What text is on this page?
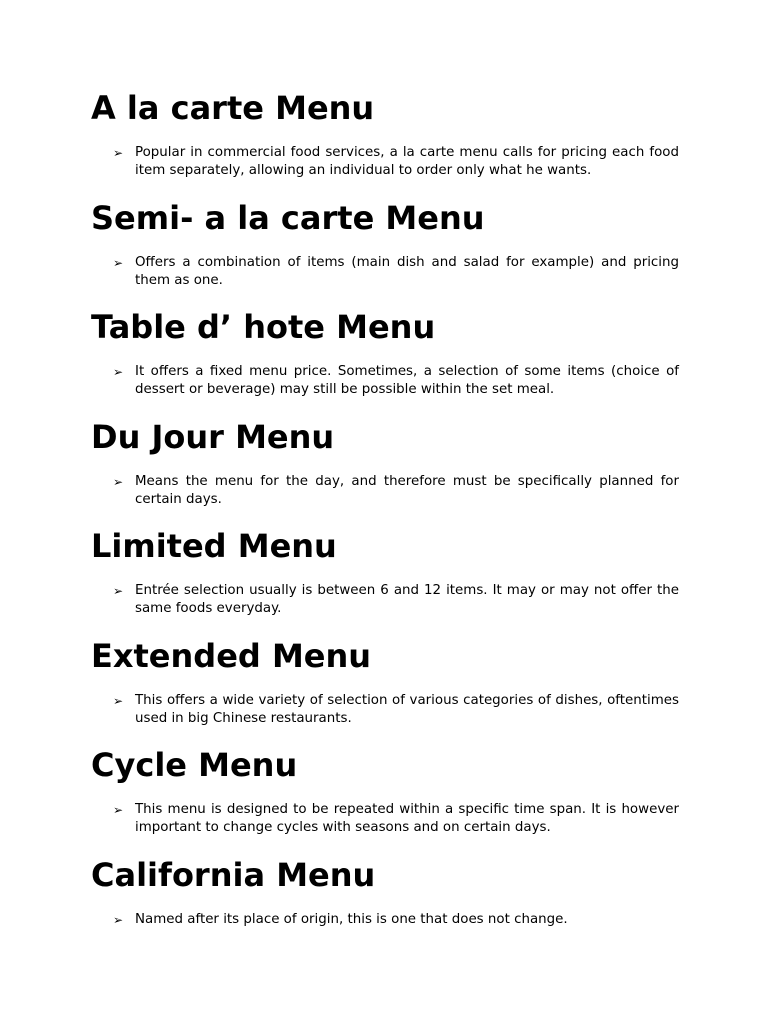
A la carte Menu
➢ Popular in commercial food services, a la carte menu calls for pricing each food item separately, allowing an individual to order only what he wants.
Semi- a la carte Menu
➢ Offers a combination of items (main dish and salad for example) and pricing them as one.
Table d’ hote Menu
➢ It offers a fixed menu price. Sometimes, a selection of some items (choice of dessert or beverage) may still be possible within the set meal.
Du Jour Menu
➢ Means the menu for the day, and therefore must be specifically planned for certain days.
Limited Menu
➢ Entrée selection usually is between 6 and 12 items. It may or may not offer the same foods everyday.
Extended Menu
➢ This offers a wide variety of selection of various categories of dishes, oftentimes used in big Chinese restaurants.
Cycle Menu
➢ This menu is designed to be repeated within a specific time span. It is however important to change cycles with seasons and on certain days.
California Menu
➢ Named after its place of origin, this is one that does not change.
